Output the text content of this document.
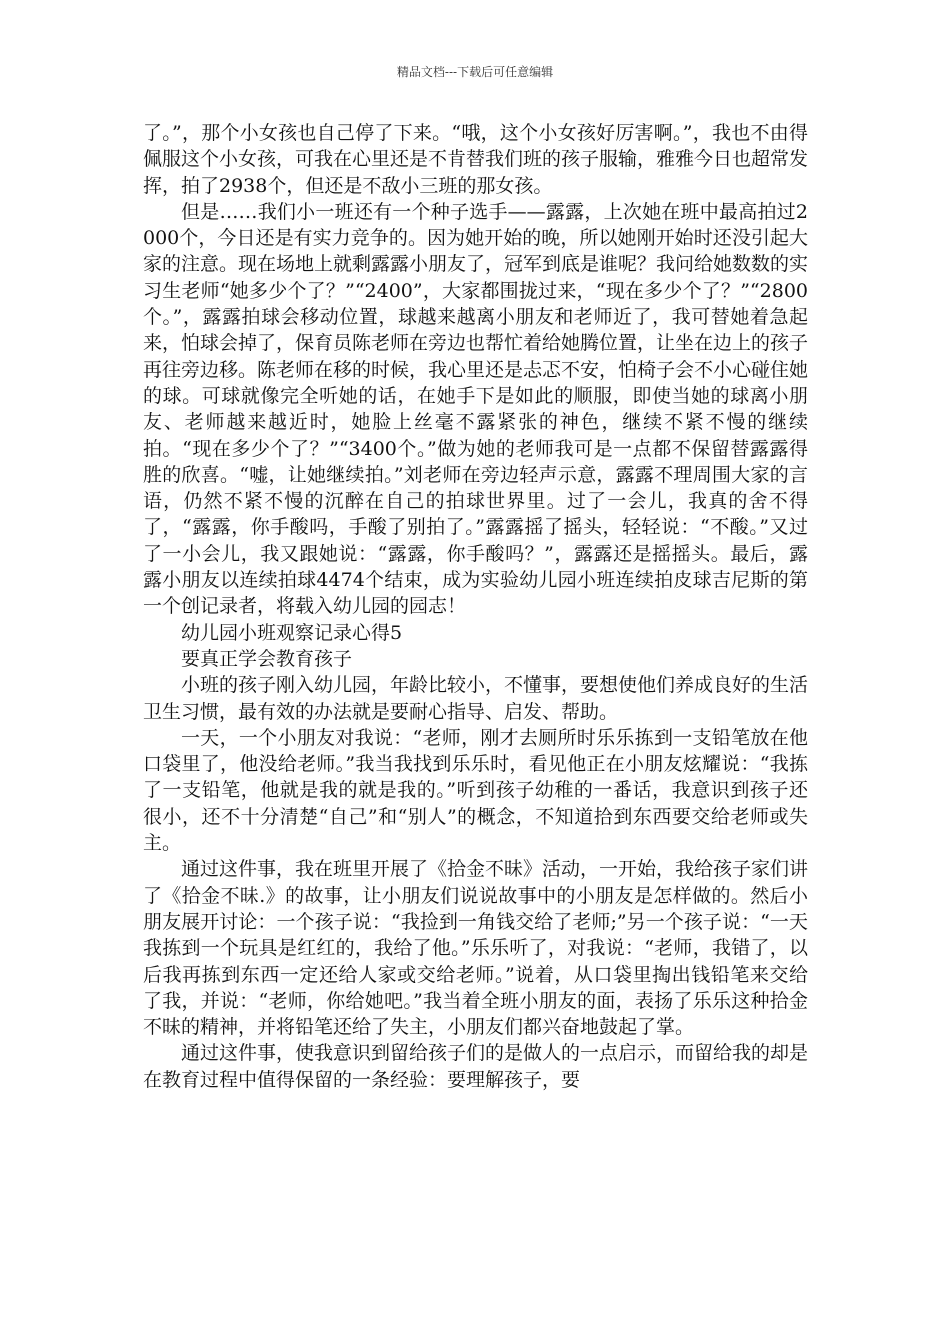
精品文档---下载后可任意编辑

了。”，那个小女孩也自己停了下来。“哦，这个小女孩好厉害啊。”，我也不由得佩服这个小女孩，可我在心里还是不肯替我们班的孩子服输，雅雅今日也超常发挥，拍了2938个，但还是不敌小三班的那女孩。

但是……我们小一班还有一个种子选手——露露，上次她在班中最高拍过2000个，今日还是有实力竞争的。因为她开始的晚，所以她刚开始时还没引起大家的注意。现在场地上就剩露露小朋友了，冠军到底是谁呢？我问给她数数的实习生老师“她多少个了？”“2400”，大家都围拢过来，“现在多少个了？”“2800个。”，露露拍球会移动位置，球越来越离小朋友和老师近了，我可替她着急起来，怕球会掉了，保育员陈老师在旁边也帮忙着给她腾位置，让坐在边上的孩子再往旁边移。陈老师在移的时候，我心里还是忐忑不安，怕椅子会不小心碰住她的球。可球就像完全听她的话，在她手下是如此的顺服，即使当她的球离小朋友、老师越来越近时，她脸上丝毫不露紧张的神色，继续不紧不慢的继续拍。“现在多少个了？”“3400个。”做为她的老师我可是一点都不保留替露露得胜的欣喜。“嘘，让她继续拍。”刘老师在旁边轻声示意，露露不理周围大家的言语，仍然不紧不慢的沉醉在自己的拍球世界里。过了一会儿，我真的舍不得了，“露露，你手酸吗，手酸了别拍了。”露露摇了摇头，轻轻说：“不酸。”又过了一小会儿，我又跟她说：“露露，你手酸吗？”，露露还是摇摇头。最后，露露小朋友以连续拍球4474个结束，成为实验幼儿园小班连续拍皮球吉尼斯的第一个创记录者，将载入幼儿园的园志！

幼儿园小班观察记录心得5

要真正学会教育孩子

小班的孩子刚入幼儿园，年龄比较小，不懂事，要想使他们养成良好的生活卫生习惯，最有效的办法就是要耐心指导、启发、帮助。

一天，一个小朋友对我说：“老师，刚才去厕所时乐乐拣到一支铅笔放在他口袋里了，他没给老师。”我当我找到乐乐时，看见他正在小朋友炫耀说：“我拣了一支铅笔，他就是我的就是我的。”听到孩子幼稚的一番话，我意识到孩子还很小，还不十分清楚“自己”和“别人”的概念，不知道拾到东西要交给老师或失主。

通过这件事，我在班里开展了《拾金不昧》活动，一开始，我给孩子家们讲了《拾金不昧.》的故事，让小朋友们说说故事中的小朋友是怎样做的。然后小朋友展开讨论：一个孩子说：“我捡到一角钱交给了老师;”另一个孩子说：“一天我拣到一个玩具是红红的，我给了他。”乐乐听了，对我说：“老师，我错了，以后我再拣到东西一定还给人家或交给老师。”说着，从口袋里掏出钱铅笔来交给了我，并说：“老师，你给她吧。”我当着全班小朋友的面，表扬了乐乐这种拾金不昧的精神，并将铅笔还给了失主，小朋友们都兴奋地鼓起了掌。

通过这件事，使我意识到留给孩子们的是做人的一点启示，而留给我的却是在教育过程中值得保留的一条经验：要理解孩子，要
